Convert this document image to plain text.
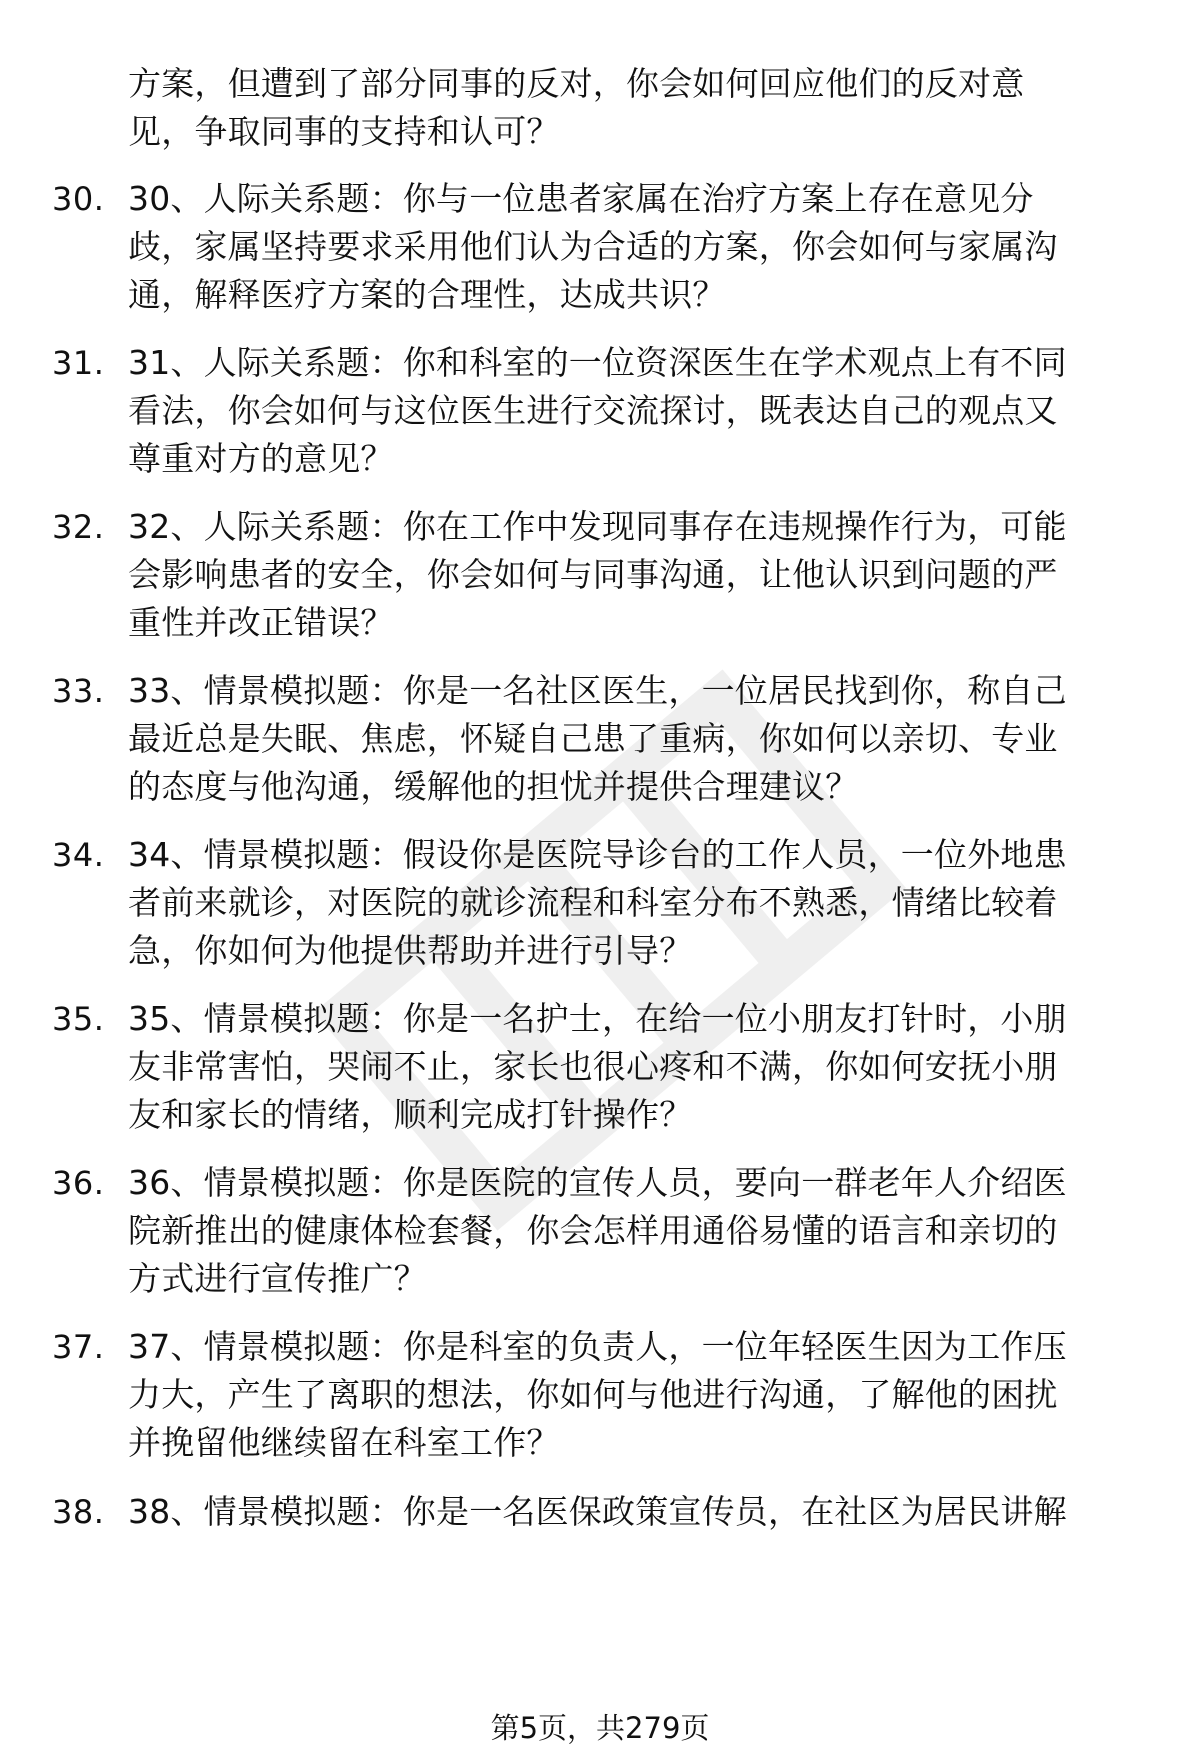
方案，但遭到了部分同事的反对，你会如何回应他们的反对意
见，争取同事的支持和认可？
30. 30、人际关系题：你与一位患者家属在治疗方案上存在意见分
歧，家属坚持要求采用他们认为合适的方案，你会如何与家属沟
通，解释医疗方案的合理性，达成共识？
31. 31、人际关系题：你和科室的一位资深医生在学术观点上有不同
看法，你会如何与这位医生进行交流探讨，既表达自己的观点又
尊重对方的意见？
32. 32、人际关系题：你在工作中发现同事存在违规操作行为，可能
会影响患者的安全，你会如何与同事沟通，让他认识到问题的严
重性并改正错误？
33. 33、情景模拟题：你是一名社区医生，一位居民找到你，称自己
最近总是失眠、焦虑，怀疑自己患了重病，你如何以亲切、专业
的态度与他沟通，缓解他的担忧并提供合理建议？
34. 34、情景模拟题：假设你是医院导诊台的工作人员，一位外地患
者前来就诊，对医院的就诊流程和科室分布不熟悉，情绪比较着
急，你如何为他提供帮助并进行引导？
35. 35、情景模拟题：你是一名护士，在给一位小朋友打针时，小朋
友非常害怕，哭闹不止，家长也很心疼和不满，你如何安抚小朋
友和家长的情绪，顺利完成打针操作？
36. 36、情景模拟题：你是医院的宣传人员，要向一群老年人介绍医
院新推出的健康体检套餐，你会怎样用通俗易懂的语言和亲切的
方式进行宣传推广？
37. 37、情景模拟题：你是科室的负责人，一位年轻医生因为工作压
力大，产生了离职的想法，你如何与他进行沟通，了解他的困扰
并挽留他继续留在科室工作？
38. 38、情景模拟题：你是一名医保政策宣传员，在社区为居民讲解
第5页，共279页
